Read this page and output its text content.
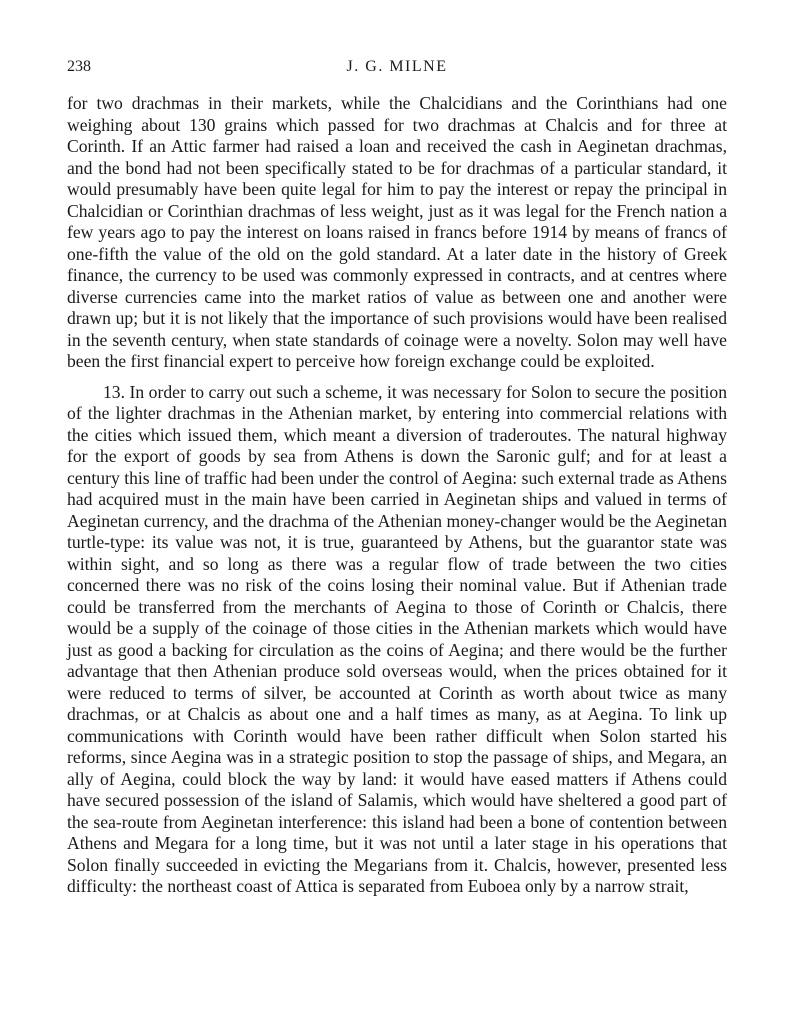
238	J. G. MILNE

for two drachmas in their markets, while the Chalcidians and the Corinthians had one weighing about 130 grains which passed for two drachmas at Chalcis and for three at Corinth. If an Attic farmer had raised a loan and received the cash in Aeginetan drachmas, and the bond had not been specifically stated to be for drachmas of a particular standard, it would presumably have been quite legal for him to pay the interest or repay the principal in Chalcidian or Corinthian drachmas of less weight, just as it was legal for the French nation a few years ago to pay the interest on loans raised in francs before 1914 by means of francs of one-fifth the value of the old on the gold standard. At a later date in the history of Greek finance, the currency to be used was commonly expressed in contracts, and at centres where diverse currencies came into the market ratios of value as between one and another were drawn up; but it is not likely that the importance of such provisions would have been realised in the seventh century, when state standards of coinage were a novelty. Solon may well have been the first financial expert to perceive how foreign exchange could be exploited.

13. In order to carry out such a scheme, it was necessary for Solon to secure the position of the lighter drachmas in the Athenian market, by entering into commercial relations with the cities which issued them, which meant a diversion of traderoutes. The natural highway for the export of goods by sea from Athens is down the Saronic gulf; and for at least a century this line of traffic had been under the control of Aegina: such external trade as Athens had acquired must in the main have been carried in Aeginetan ships and valued in terms of Aeginetan currency, and the drachma of the Athenian money-changer would be the Aeginetan turtle-type: its value was not, it is true, guaranteed by Athens, but the guarantor state was within sight, and so long as there was a regular flow of trade between the two cities concerned there was no risk of the coins losing their nominal value. But if Athenian trade could be transferred from the merchants of Aegina to those of Corinth or Chalcis, there would be a supply of the coinage of those cities in the Athenian markets which would have just as good a backing for circulation as the coins of Aegina; and there would be the further advantage that then Athenian produce sold overseas would, when the prices obtained for it were reduced to terms of silver, be accounted at Corinth as worth about twice as many drachmas, or at Chalcis as about one and a half times as many, as at Aegina. To link up communications with Corinth would have been rather difficult when Solon started his reforms, since Aegina was in a strategic position to stop the passage of ships, and Megara, an ally of Aegina, could block the way by land: it would have eased matters if Athens could have secured possession of the island of Salamis, which would have sheltered a good part of the sea-route from Aeginetan interference: this island had been a bone of contention between Athens and Megara for a long time, but it was not until a later stage in his operations that Solon finally succeeded in evicting the Megarians from it. Chalcis, however, presented less difficulty: the northeast coast of Attica is separated from Euboea only by a narrow strait,
